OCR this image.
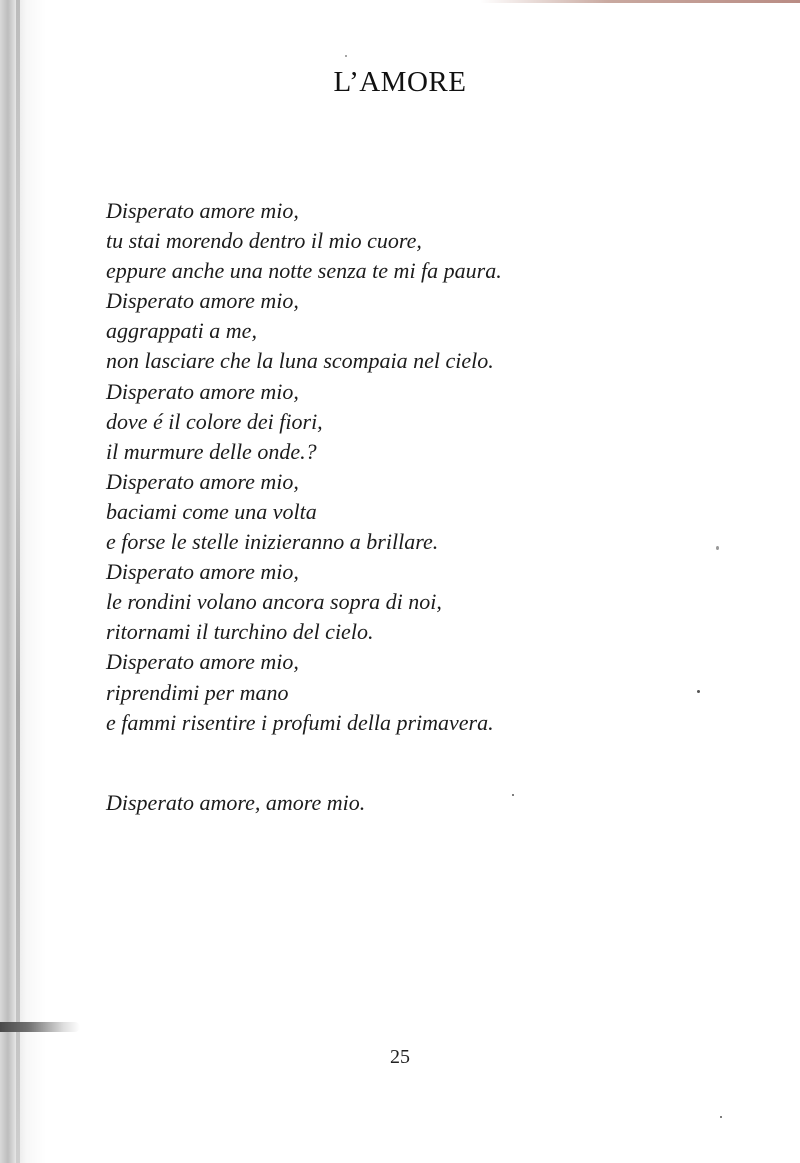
L’AMORE
Disperato amore mio,
tu stai morendo dentro il mio cuore,
eppure anche una notte senza te mi fa paura.
Disperato amore mio,
aggrappati a me,
non lasciare che la luna scompaia nel cielo.
Disperato amore mio,
dove é il colore dei fiori,
il murmure delle onde.?
Disperato amore mio,
baciami come una volta
e forse le stelle inizieranno a brillare.
Disperato amore mio,
le rondini volano ancora sopra di noi,
ritornami il turchino del cielo.
Disperato amore mio,
riprendimi per mano
e fammi risentire i profumi della primavera.
Disperato amore, amore mio.
25
